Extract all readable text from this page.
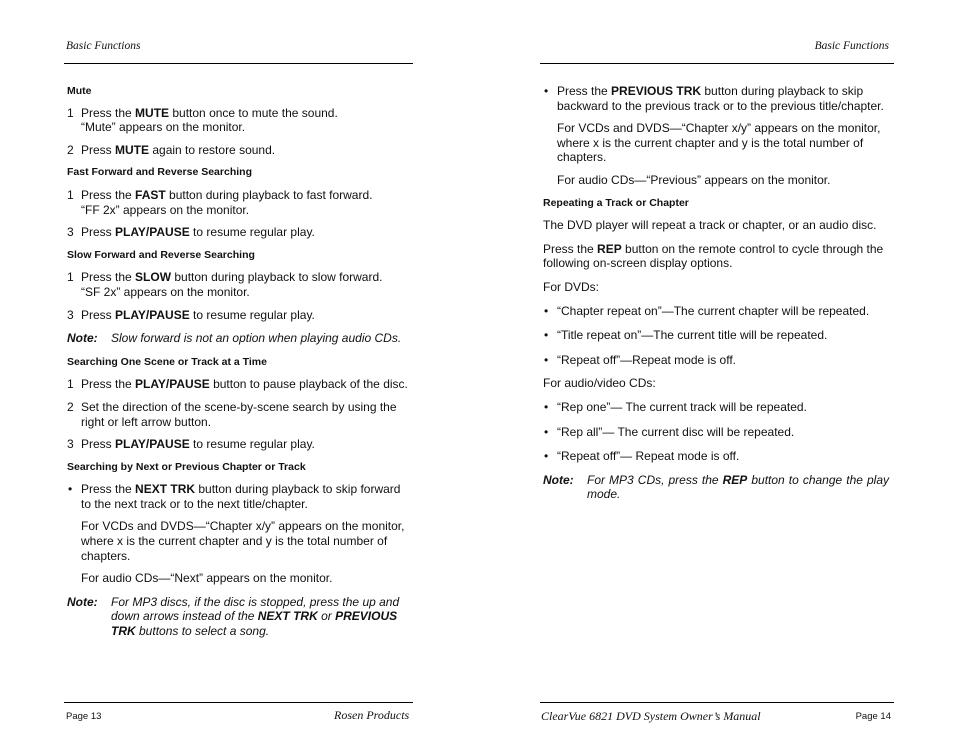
Basic Functions	Basic Functions

Mute

1 Press the MUTE button once to mute the sound.
“Mute” appears on the monitor.
2 Press MUTE again to restore sound.

Fast Forward and Reverse Searching

1 Press the FAST button during playback to fast forward.
“FF 2x” appears on the monitor.
3 Press PLAY/PAUSE to resume regular play.

Slow Forward and Reverse Searching

1 Press the SLOW button during playback to slow forward.
“SF 2x” appears on the monitor.
3 Press PLAY/PAUSE to resume regular play.
Note: Slow forward is not an option when playing audio CDs.

Searching One Scene or Track at a Time

1 Press the PLAY/PAUSE button to pause playback of the disc.
2 Set the direction of the scene-by-scene search by using the right or left arrow button.
3 Press PLAY/PAUSE to resume regular play.

Searching by Next or Previous Chapter or Track

• Press the NEXT TRK button during playback to skip forward to the next track or to the next title/chapter.

For VCDs and DVDS—“Chapter x/y” appears on the monitor, where x is the current chapter and y is the total number of chapters.

For audio CDs—“Next” appears on the monitor.

Note: For MP3 discs, if the disc is stopped, press the up and down arrows instead of the NEXT TRK or PREVIOUS TRK buttons to select a song.
• Press the PREVIOUS TRK button during playback to skip backward to the previous track or to the previous title/chapter.

For VCDs and DVDS—“Chapter x/y” appears on the monitor, where x is the current chapter and y is the total number of chapters.

For audio CDs—“Previous” appears on the monitor.

Repeating a Track or Chapter

The DVD player will repeat a track or chapter, or an audio disc.

Press the REP button on the remote control to cycle through the following on-screen display options.

For DVDs:

• “Chapter repeat on”—The current chapter will be repeated.
• “Title repeat on”—The current title will be repeated.
• “Repeat off”—Repeat mode is off.

For audio/video CDs:

• “Rep one”— The current track will be repeated.
• “Rep all”— The current disc will be repeated.
• “Repeat off”— Repeat mode is off.
Note: For MP3 CDs, press the REP button to change the play mode.
Page 13	Rosen Products	ClearVue 6821 DVD System Owner’s Manual	Page 14
